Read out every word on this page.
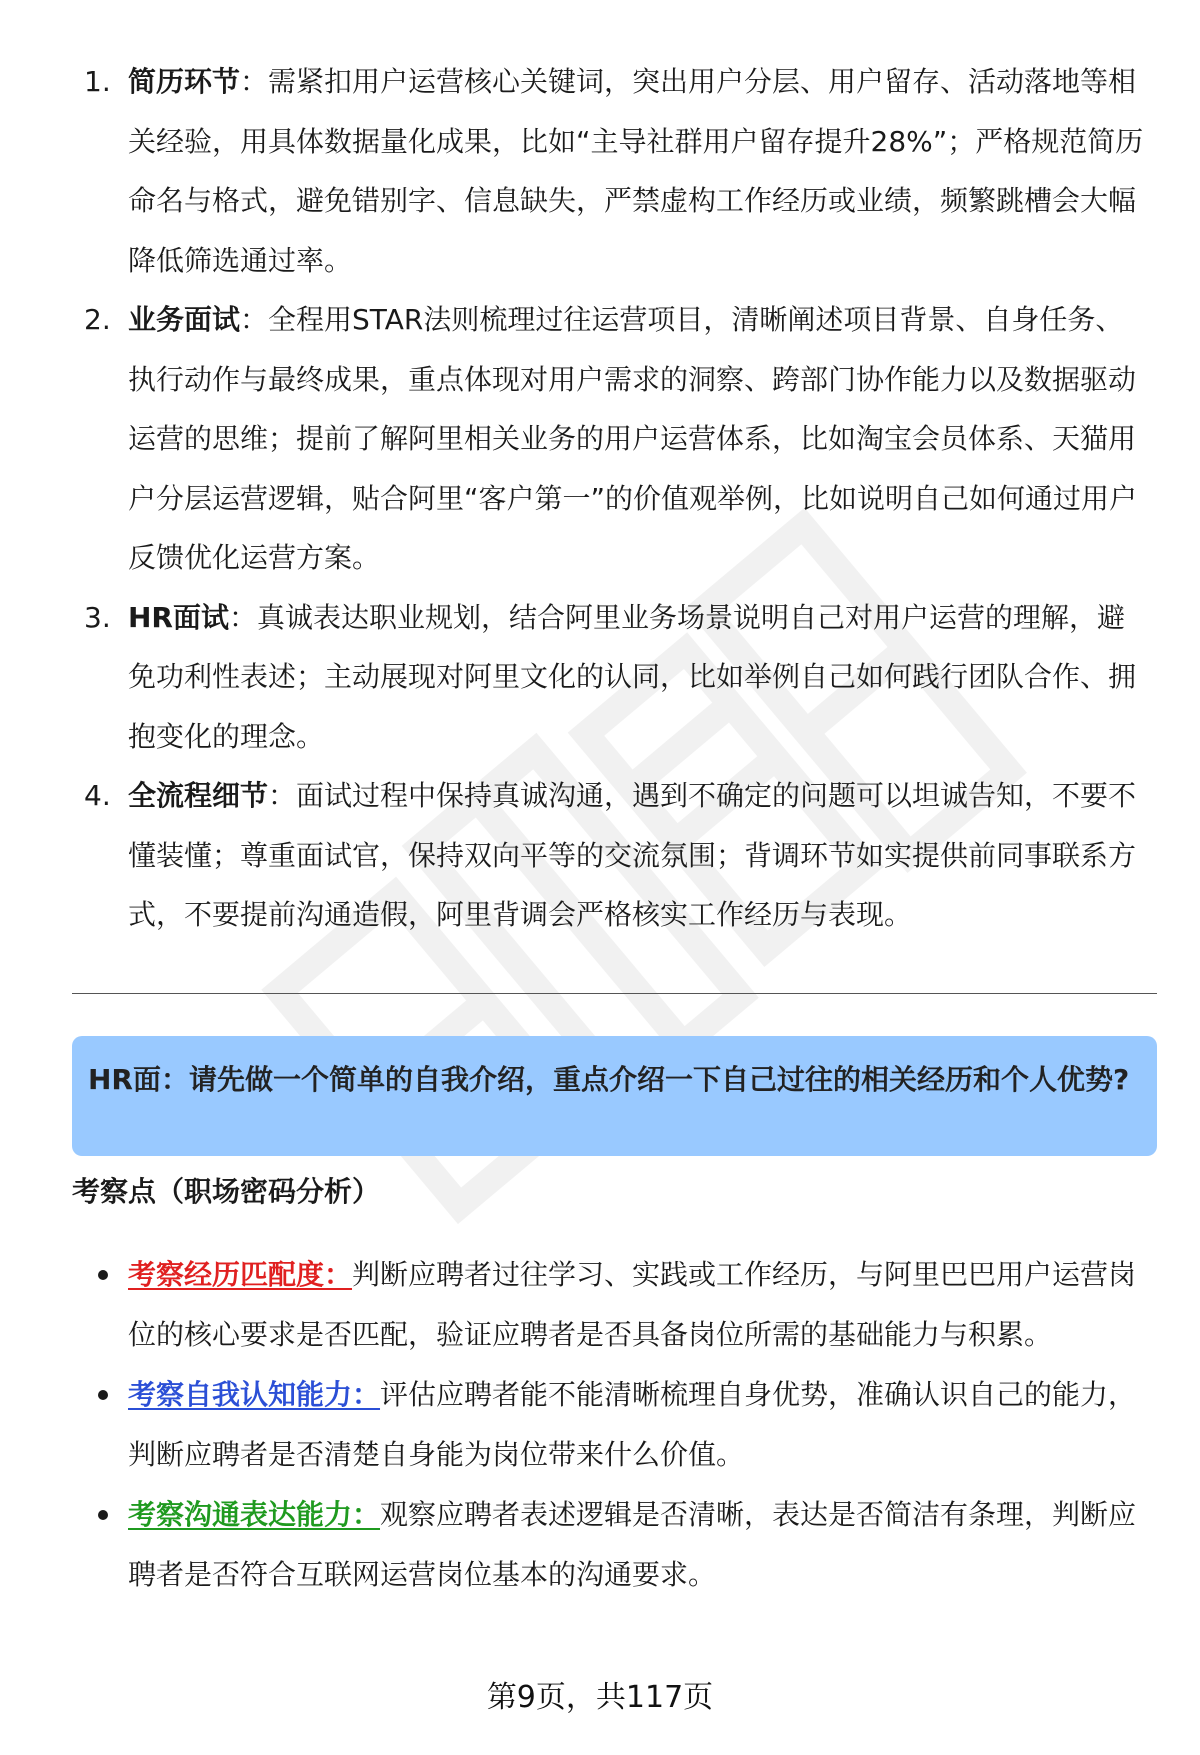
1. 简历环节：需紧扣用户运营核心关键词，突出用户分层、用户留存、活动落地等相关经验，用具体数据量化成果，比如“主导社群用户留存提升28%”；严格规范简历命名与格式，避免错别字、信息缺失，严禁虚构工作经历或业绩，频繁跳槽会大幅降低筛选通过率。
2. 业务面试：全程用STAR法则梳理过往运营项目，清晰阐述项目背景、自身任务、执行动作与最终成果，重点体现对用户需求的洞察、跨部门协作能力以及数据驱动运营的思维；提前了解阿里相关业务的用户运营体系，比如淘宝会员体系、天猫用户分层运营逻辑，贴合阿里“客户第一”的价值观举例，比如说明自己如何通过用户反馈优化运营方案。
3. HR面试：真诚表达职业规划，结合阿里业务场景说明自己对用户运营的理解，避免功利性表述；主动展现对阿里文化的认同，比如举例自己如何践行团队合作、拥抱变化的理念。
4. 全流程细节：面试过程中保持真诚沟通，遇到不确定的问题可以坦诚告知，不要不懂装懂；尊重面试官，保持双向平等的交流氛围；背调环节如实提供前同事联系方式，不要提前沟通造假，阿里背调会严格核实工作经历与表现。
HR面：请先做一个简单的自我介绍，重点介绍一下自己过往的相关经历和个人优势?
考察点（职场密码分析）
考察经历匹配度：判断应聘者过往学习、实践或工作经历，与阿里巴巴用户运营岗位的核心要求是否匹配，验证应聘者是否具备岗位所需的基础能力与积累。
考察自我认知能力：评估应聘者能不能清晰梳理自身优势，准确认识自己的能力，判断应聘者是否清楚自身能为岗位带来什么价值。
考察沟通表达能力：观察应聘者表述逻辑是否清晰，表达是否简洁有条理，判断应聘者是否符合互联网运营岗位基本的沟通要求。
第9页，共117页
